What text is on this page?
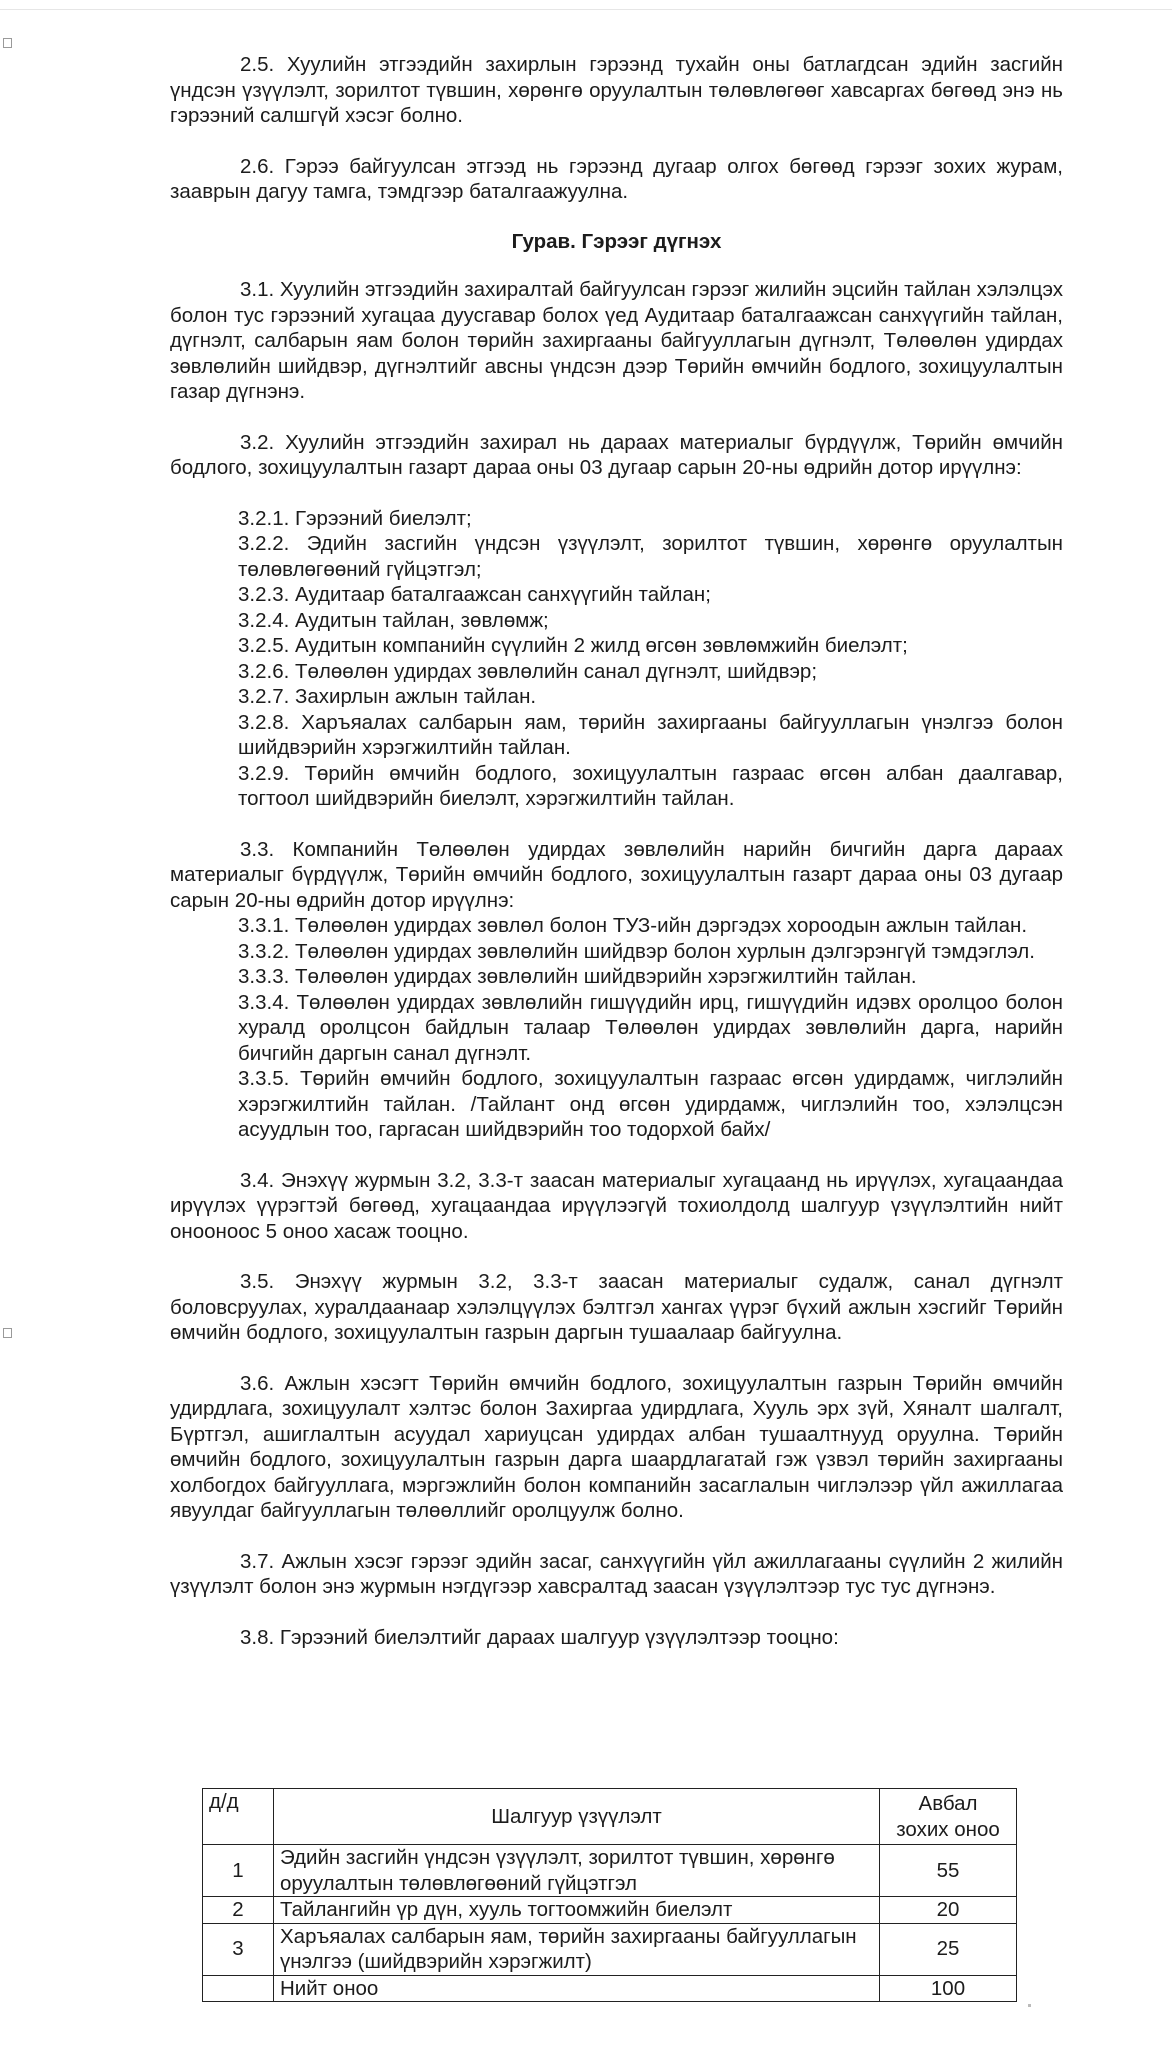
2.5. Хуулийн этгээдийн захирлын гэрээнд тухайн оны батлагдсан эдийн засгийн үндсэн үзүүлэлт, зорилтот түвшин, хөрөнгө оруулалтын төлөвлөгөөг хавсаргах бөгөөд энэ нь гэрээний салшгүй хэсэг болно.

2.6. Гэрээ байгуулсан этгээд нь гэрээнд дугаар олгох бөгөөд гэрээг зохих журам, зааврын дагуу тамга, тэмдгээр баталгаажуулна.

Гурав. Гэрээг дүгнэх

3.1. Хуулийн этгээдийн захиралтай байгуулсан гэрээг жилийн эцсийн тайлан хэлэлцэх болон тус гэрээний хугацаа дуусгавар болох үед Аудитаар баталгаажсан санхүүгийн тайлан, дүгнэлт, салбарын яам болон төрийн захиргааны байгууллагын дүгнэлт, Төлөөлөн удирдах зөвлөлийн шийдвэр, дүгнэлтийг авсны үндсэн дээр Төрийн өмчийн бодлого, зохицуулалтын газар дүгнэнэ.

3.2. Хуулийн этгээдийн захирал нь дараах материалыг бүрдүүлж, Төрийн өмчийн бодлого, зохицуулалтын газарт дараа оны 03 дугаар сарын 20-ны өдрийн дотор ирүүлнэ:

3.2.1. Гэрээний биелэлт;
3.2.2. Эдийн засгийн үндсэн үзүүлэлт, зорилтот түвшин, хөрөнгө оруулалтын төлөвлөгөөний гүйцэтгэл;
3.2.3. Аудитаар баталгаажсан санхүүгийн тайлан;
3.2.4. Аудитын тайлан, зөвлөмж;
3.2.5. Аудитын компанийн сүүлийн 2 жилд өгсөн зөвлөмжийн биелэлт;
3.2.6. Төлөөлөн удирдах зөвлөлийн санал дүгнэлт, шийдвэр;
3.2.7. Захирлын ажлын тайлан.
3.2.8. Харъяалах салбарын яам, төрийн захиргааны байгууллагын үнэлгээ болон шийдвэрийн хэрэгжилтийн тайлан.
3.2.9. Төрийн өмчийн бодлого, зохицуулалтын газраас өгсөн албан даалгавар, тогтоол шийдвэрийн биелэлт, хэрэгжилтийн тайлан.

3.3. Компанийн Төлөөлөн удирдах зөвлөлийн нарийн бичгийн дарга дараах материалыг бүрдүүлж, Төрийн өмчийн бодлого, зохицуулалтын газарт дараа оны 03 дугаар сарын 20-ны өдрийн дотор ирүүлнэ:

3.3.1. Төлөөлөн удирдах зөвлөл болон ТУЗ-ийн дэргэдэх хороодын ажлын тайлан.
3.3.2. Төлөөлөн удирдах зөвлөлийн шийдвэр болон хурлын дэлгэрэнгүй тэмдэглэл.
3.3.3. Төлөөлөн удирдах зөвлөлийн шийдвэрийн хэрэгжилтийн тайлан.
3.3.4. Төлөөлөн удирдах зөвлөлийн гишүүдийн ирц, гишүүдийн идэвх оролцоо болон хуралд оролцсон байдлын талаар Төлөөлөн удирдах зөвлөлийн дарга, нарийн бичгийн даргын санал дүгнэлт.
3.3.5. Төрийн өмчийн бодлого, зохицуулалтын газраас өгсөн удирдамж, чиглэлийн хэрэгжилтийн тайлан. /Тайлант онд өгсөн удирдамж, чиглэлийн тоо, хэлэлцсэн асуудлын тоо, гаргасан шийдвэрийн тоо тодорхой байх/

3.4. Энэхүү журмын 3.2, 3.3-т заасан материалыг хугацаанд нь ирүүлэх, хугацаандаа ирүүлэх үүрэгтэй бөгөөд, хугацаандаа ирүүлээгүй тохиолдолд шалгуур үзүүлэлтийн нийт онооноос 5 оноо хасаж тооцно.

3.5. Энэхүү журмын 3.2, 3.3-т заасан материалыг судалж, санал дүгнэлт боловсруулах, хуралдаанаар хэлэлцүүлэх бэлтгэл хангах үүрэг бүхий ажлын хэсгийг Төрийн өмчийн бодлого, зохицуулалтын газрын даргын тушаалаар байгуулна.

3.6. Ажлын хэсэгт Төрийн өмчийн бодлого, зохицуулалтын газрын Төрийн өмчийн удирдлага, зохицуулалт хэлтэс болон Захиргаа удирдлага, Хууль эрх зүй, Хяналт шалгалт, Бүртгэл, ашиглалтын асуудал хариуцсан удирдах албан тушаалтнууд оруулна. Төрийн өмчийн бодлого, зохицуулалтын газрын дарга шаардлагатай гэж үзвэл төрийн захиргааны холбогдох байгууллага, мэргэжлийн болон компанийн засаглалын чиглэлээр үйл ажиллагаа явуулдаг байгууллагын төлөөллийг оролцуулж болно.

3.7. Ажлын хэсэг гэрээг эдийн засаг, санхүүгийн үйл ажиллагааны сүүлийн 2 жилийн үзүүлэлт болон энэ журмын нэгдүгээр хавсралтад заасан үзүүлэлтээр тус тус дүгнэнэ.

3.8. Гэрээний биелэлтийг дараах шалгуур үзүүлэлтээр тооцно:

д/д	Шалгуур үзүүлэлт	Авбал зохих оноо
1	Эдийн засгийн үндсэн үзүүлэлт, зорилтот түвшин, хөрөнгө оруулалтын төлөвлөгөөний гүйцэтгэл	55
2	Тайлангийн үр дүн, хууль тогтоомжийн биелэлт	20
3	Харъяалах салбарын яам, төрийн захиргааны байгууллагын үнэлгээ (шийдвэрийн хэрэгжилт)	25
	Нийт оноо	100
